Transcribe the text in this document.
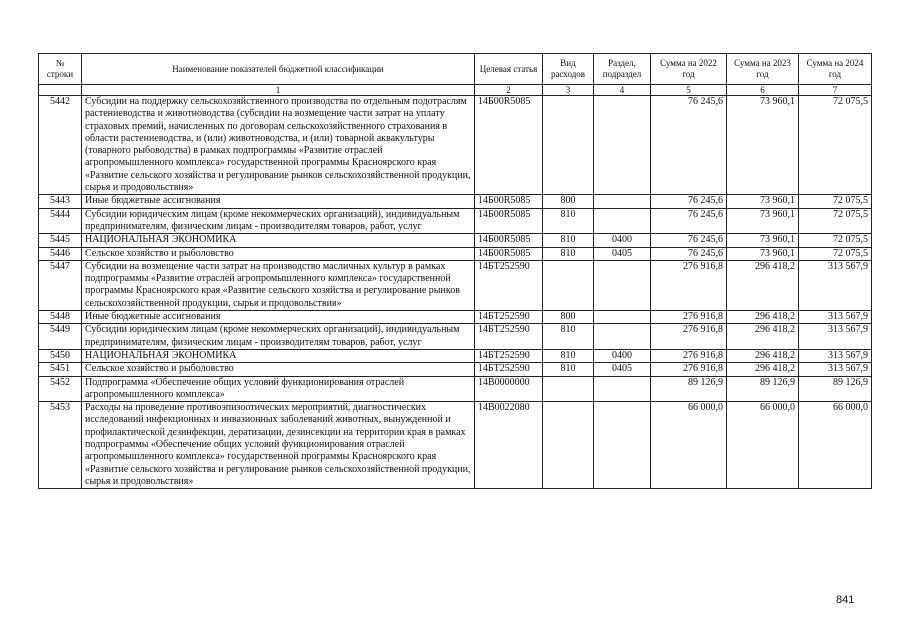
№
строки	Наименование показателей бюджетной классификации	Целевая статья	Вид расходов	Раздел, подраздел	Сумма на 2022 год	Сумма на 2023 год	Сумма на 2024 год
	1	2	3	4	5	6	7
5442	Субсидии на поддержку сельскохозяйственного производства по отдельным подотраслям растениеводства и животноводства (субсидии на возмещение части затрат на уплату страховых премий, начисленных по договорам сельскохозяйственного страхования в области растениеводства, и (или) животноводства, и (или) товарной аквакультуры (товарного рыбоводства) в рамках подпрограммы «Развитие отраслей агропромышленного комплекса» государственной программы Красноярского края «Развитие сельского хозяйства и регулирование рынков сельскохозяйственной продукции, сырья и продовольствия»	14Б00R5085			76 245,6	73 960,1	72 075,5
5443	Иные бюджетные ассигнования	14Б00R5085	800		76 245,6	73 960,1	72 075,5
5444	Субсидии юридическим лицам (кроме некоммерческих организаций), индивидуальным предпринимателям, физическим лицам - производителям товаров, работ, услуг	14Б00R5085	810		76 245,6	73 960,1	72 075,5
5445	НАЦИОНАЛЬНАЯ ЭКОНОМИКА	14Б00R5085	810	0400	76 245,6	73 960,1	72 075,5
5446	Сельское хозяйство и рыболовство	14Б00R5085	810	0405	76 245,6	73 960,1	72 075,5
5447	Субсидии на возмещение части затрат на производство масличных культур в рамках подпрограммы «Развитие отраслей агропромышленного комплекса» государственной программы Красноярского края «Развитие сельского хозяйства и регулирование рынков сельскохозяйственной продукции, сырья и продовольствия»	14БТ252590			276 916,8	296 418,2	313 567,9
5448	Иные бюджетные ассигнования	14БТ252590	800		276 916,8	296 418,2	313 567,9
5449	Субсидии юридическим лицам (кроме некоммерческих организаций), индивидуальным предпринимателям, физическим лицам - производителям товаров, работ, услуг	14БТ252590	810		276 916,8	296 418,2	313 567,9
5450	НАЦИОНАЛЬНАЯ ЭКОНОМИКА	14БТ252590	810	0400	276 916,8	296 418,2	313 567,9
5451	Сельское хозяйство и рыболовство	14БТ252590	810	0405	276 916,8	296 418,2	313 567,9
5452	Подпрограмма «Обеспечение общих условий функционирования отраслей агропромышленного комплекса»	14В0000000			89 126,9	89 126,9	89 126,9
5453	Расходы на проведение противоэпизоотических мероприятий, диагностических исследований инфекционных и инвазионных заболеваний животных, вынужденной и профилактической дезинфекции, дератизации, дезинсекции на территории края в рамках подпрограммы «Обеспечение общих условий функционирования отраслей агропромышленного комплекса» государственной программы Красноярского края «Развитие сельского хозяйства и регулирование рынков сельскохозяйственной продукции, сырья и продовольствия»	14В0022080			66 000,0	66 000,0	66 000,0
841
